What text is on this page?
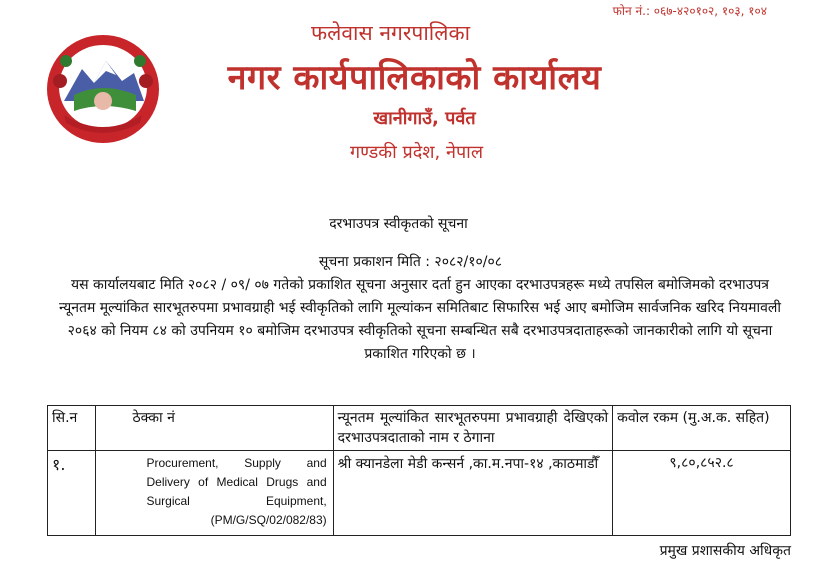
फोन नं.: ०६७-४२०१०२, १०३, १०४
फलेवास नगरपालिका
नगर कार्यपालिकाको कार्यालय
खानीगाउँ, पर्वत
गण्डकी प्रदेश, नेपाल
दरभाउपत्र स्वीकृतको सूचना
सूचना प्रकाशन मिति : २०८२/१०/०८
यस कार्यालयबाट मिति २०८२ / ०९/ ०७ गतेको प्रकाशित सूचना अनुसार दर्ता हुन आएका दरभाउपत्रहरू मध्ये तपसिल बमोजिमको दरभाउपत्र न्यूनतम मूल्यांकित सारभूतरुपमा प्रभावग्राही भई स्वीकृतिको लागि मूल्यांकन समितिबाट सिफारिस भई आए बमोजिम सार्वजनिक खरिद नियमावली २०६४ को नियम ८४ को उपनियम १० बमोजिम दरभाउपत्र स्वीकृतिको सूचना सम्बन्धित सबै दरभाउपत्रदाताहरूको जानकारीको लागि यो सूचना प्रकाशित गरिएको छ ।
सि.न	ठेक्का नं	न्यूनतम मूल्यांकित सारभूतरुपमा प्रभावग्राही देखिएको दरभाउपत्रदाताको नाम र ठेगाना	कवोल रकम (मु.अ.क. सहित)
१.	Procurement, Supply and Delivery of Medical Drugs and Surgical Equipment, (PM/G/SQ/02/082/83)	श्री क्यानडेला मेडी कन्सर्न ,का.म.नपा-१४ ,काठमाडौँ	९,८०,८५२.८
प्रमुख प्रशासकीय अधिकृत
